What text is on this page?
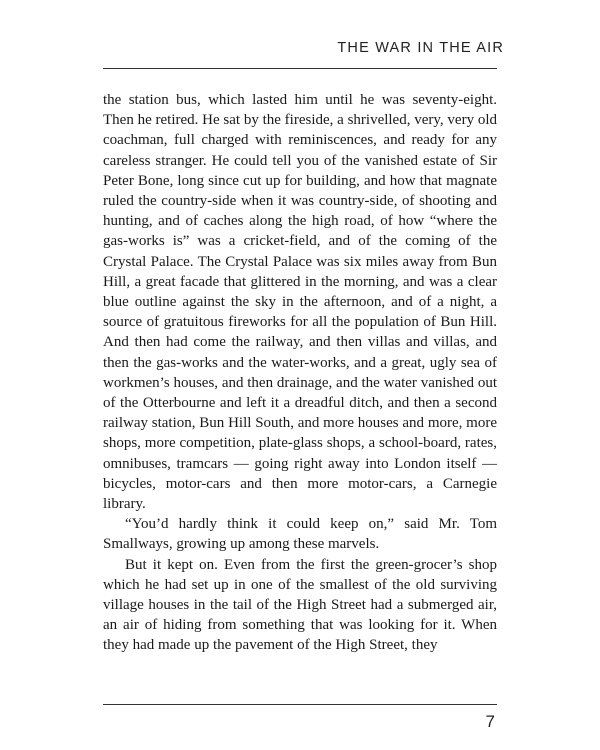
THE WAR IN THE AIR

the station bus, which lasted him until he was seventy-eight. Then he retired. He sat by the fireside, a shrivelled, very, very old coachman, full charged with reminiscences, and ready for any careless stranger. He could tell you of the vanished estate of Sir Peter Bone, long since cut up for building, and how that magnate ruled the country-side when it was country-side, of shooting and hunting, and of caches along the high road, of how “where the gas-works is” was a cricket-field, and of the coming of the Crystal Palace. The Crystal Palace was six miles away from Bun Hill, a great facade that glittered in the morning, and was a clear blue outline against the sky in the afternoon, and of a night, a source of gratuitous fireworks for all the population of Bun Hill. And then had come the railway, and then villas and villas, and then the gas-works and the water-works, and a great, ugly sea of workmen’s houses, and then drainage, and the water vanished out of the Otterbourne and left it a dreadful ditch, and then a second railway station, Bun Hill South, and more houses and more, more shops, more competition, plate-glass shops, a school-board, rates, omnibuses, tramcars — going right away into London itself — bicycles, motor-cars and then more motor-cars, a Carnegie library.

“You’d hardly think it could keep on,” said Mr. Tom Smallways, growing up among these marvels.

But it kept on. Even from the first the green-grocer’s shop which he had set up in one of the smallest of the old surviving village houses in the tail of the High Street had a submerged air, an air of hiding from something that was looking for it. When they had made up the pavement of the High Street, they

7
